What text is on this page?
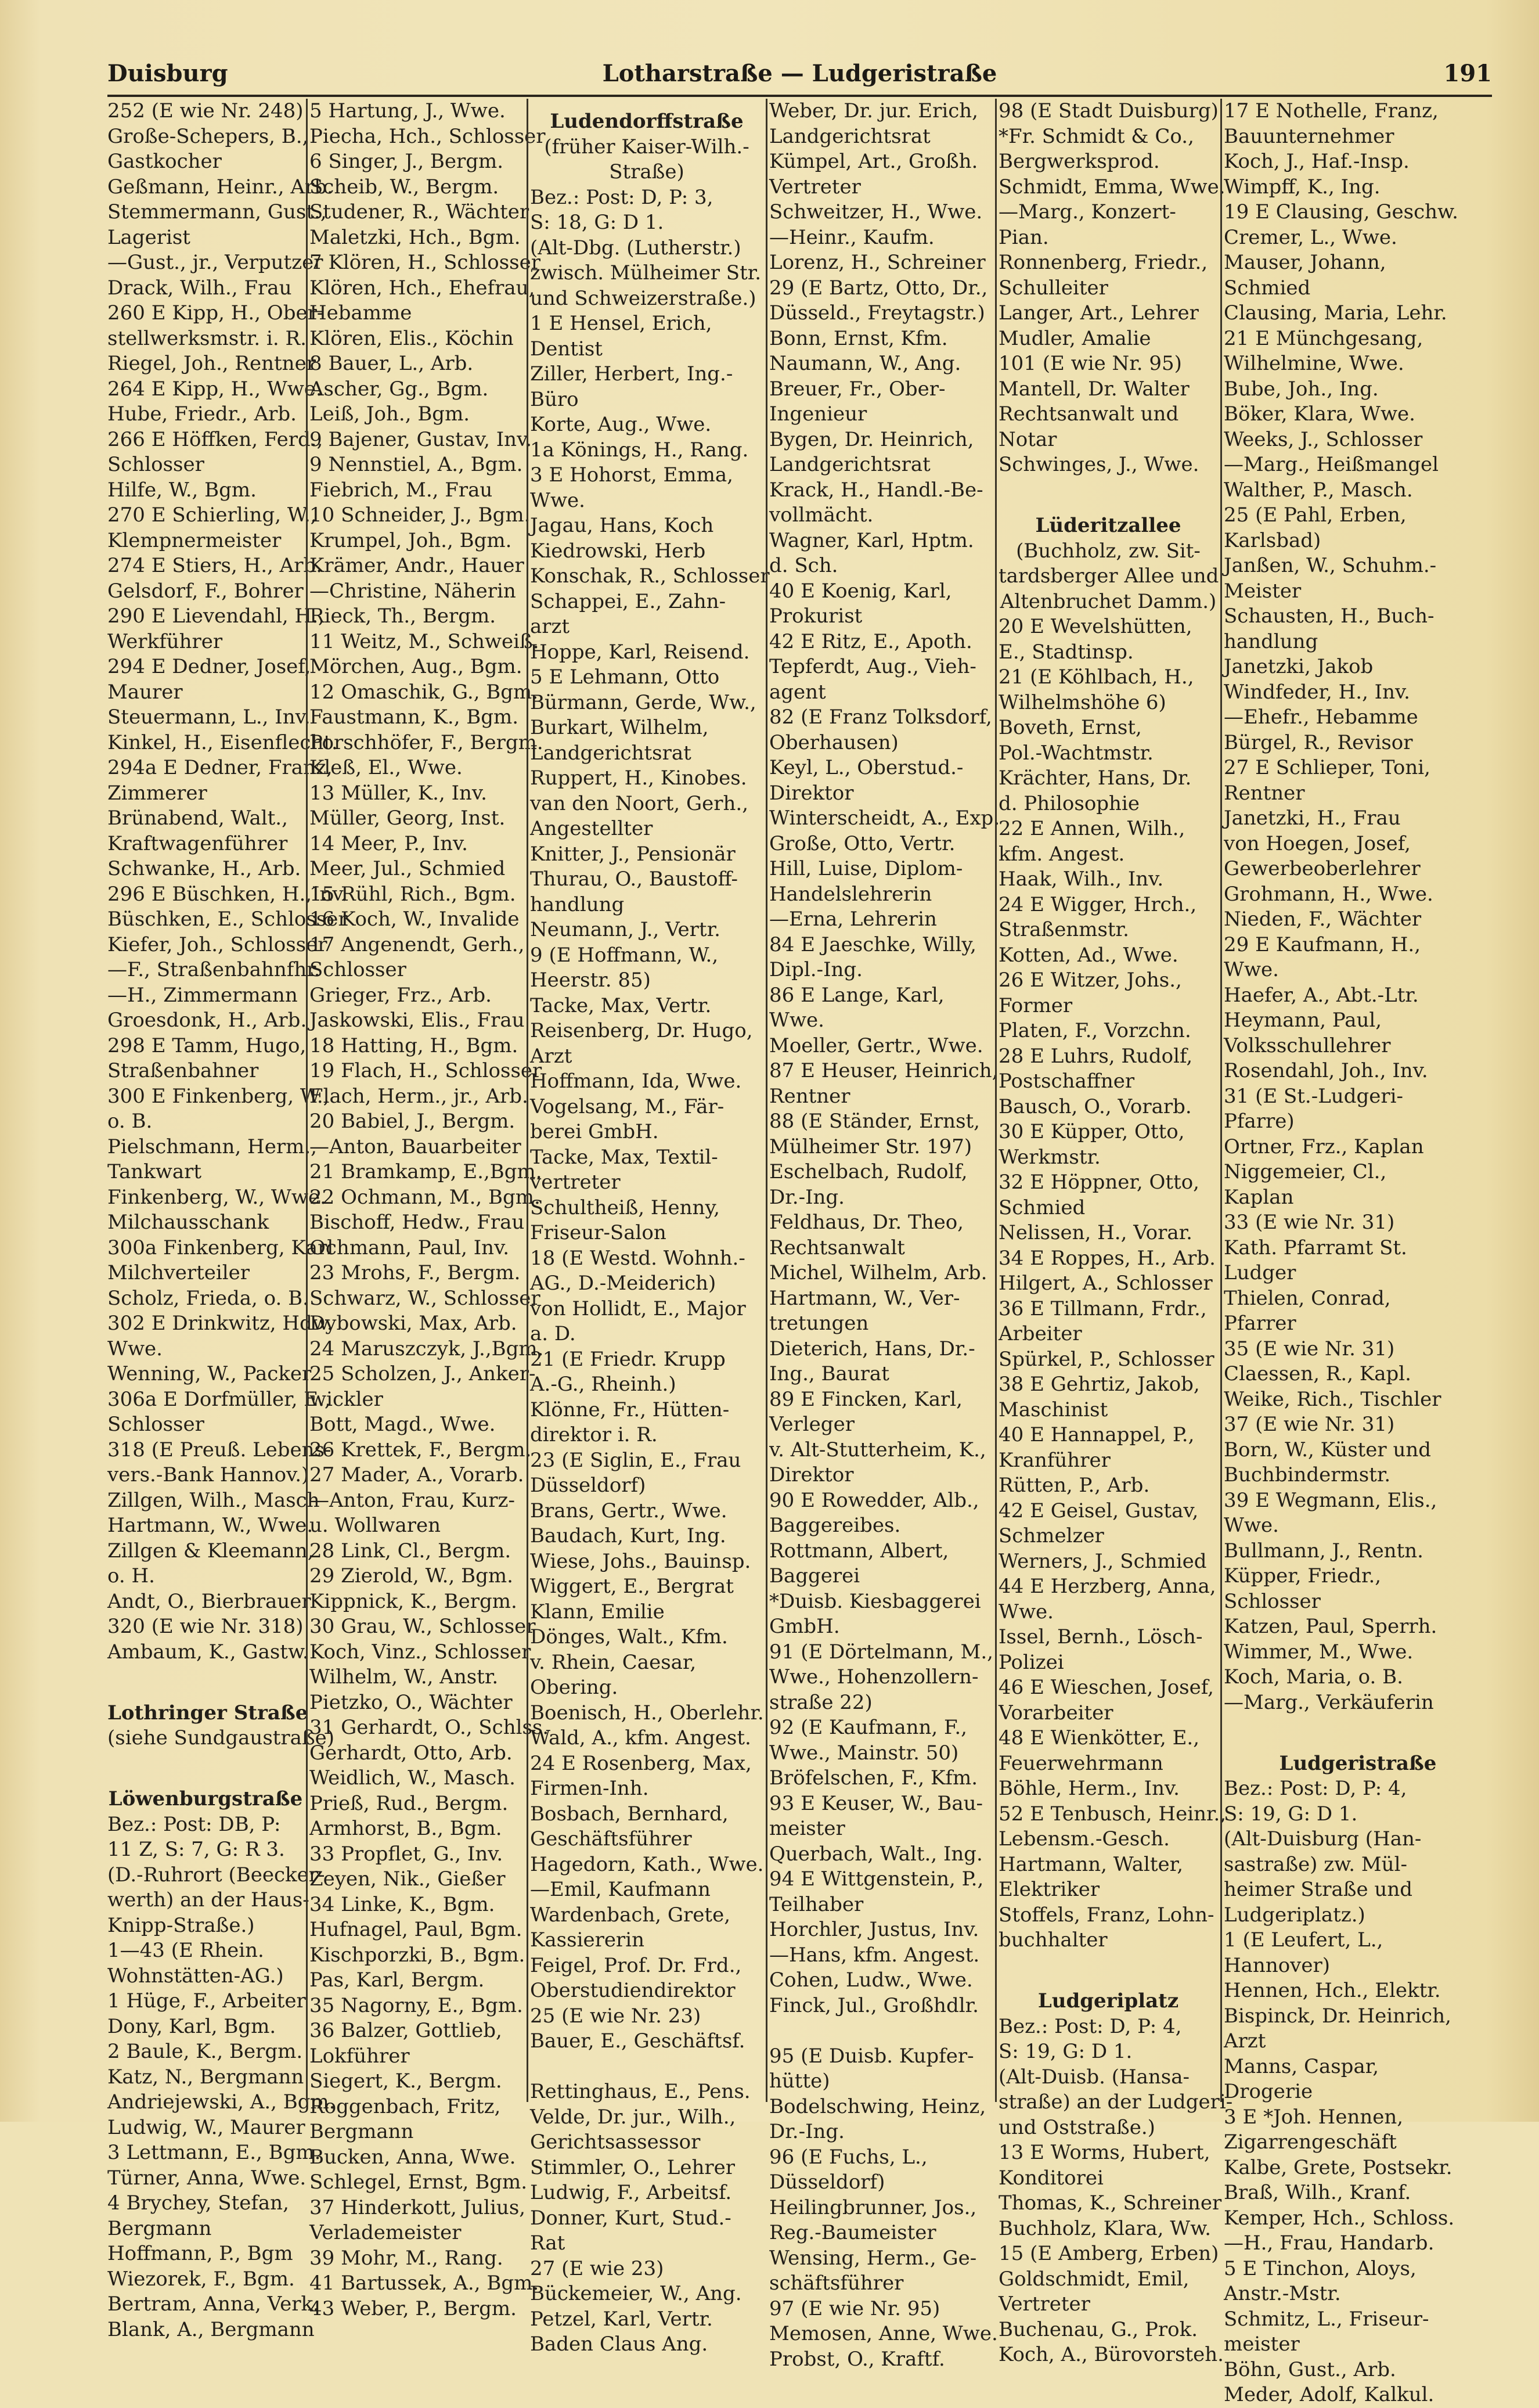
Duisburg	Lotharstraße — Ludgeristraße	191
252 (E wie Nr. 248)
Große-Schepers, B.,
Gastkocher
Geßmann, Heinr., Arb.
Stemmermann, Gust.,
Lagerist
—Gust., jr., Verputzer
Drack, Wilh., Frau
260 E Kipp, H., Ober-
stellwerksmstr. i. R.
Riegel, Joh., Rentner
264 E Kipp, H., Wwe.
Hube, Friedr., Arb.
266 E Höffken, Ferd.,
Schlosser
Hilfe, W., Bgm.
270 E Schierling, W.,
Klempnermeister
274 E Stiers, H., Arb.
Gelsdorf, F., Bohrer
290 E Lievendahl, H.,
Werkführer
294 E Dedner, Josef,
Maurer
Steuermann, L., Inv.
Kinkel, H., Eisenflecht.
294a E Dedner, Franz,
Zimmerer
Brünabend, Walt.,
Kraftwagenführer
Schwanke, H., Arb.
296 E Büschken, H.,Inv.
Büschken, E., Schlosser
Kiefer, Joh., Schlosser
—F., Straßenbahnfhr.
—H., Zimmermann
Groesdonk, H., Arb.
298 E Tamm, Hugo,
Straßenbahner
300 E Finkenberg, W.,
o. B.
Pielschmann, Herm.,
Tankwart
Finkenberg, W., Wwe.
Milchausschank
300a Finkenberg, Karl
Milchverteiler
Scholz, Frieda, o. B.
302 E Drinkwitz, Hdw.
Wwe.
Wenning, W., Packer
306a E Dorfmüller, E.,
Schlosser
318 (E Preuß. Lebens-
vers.-Bank Hannov.)
Zillgen, Wilh., Masch
Hartmann, W., Wwe.
Zillgen & Kleemann,
o. H.
Andt, O., Bierbrauer
320 (E wie Nr. 318)
Ambaum, K., Gastw.

Lothringer Straße
(siehe Sundgaustraße)

Löwenburgstraße
Bez.: Post: DB, P:
11 Z, S: 7, G: R 3.
(D.-Ruhrort (Beecker-
werth) an der Haus-
Knipp-Straße.)
1—43 (E Rhein.
Wohnstätten-AG.)
1 Hüge, F., Arbeiter
Dony, Karl, Bgm.
2 Baule, K., Bergm.
Katz, N., Bergmann
Andriejewski, A., Bgm.
Ludwig, W., Maurer
3 Lettmann, E., Bgm.
Türner, Anna, Wwe.
4 Brychey, Stefan,
Bergmann
Hoffmann, P., Bgm
Wiezorek, F., Bgm.
Bertram, Anna, Verk.
Blank, A., Bergmann
5 Hartung, J., Wwe.
Piecha, Hch., Schlosser
6 Singer, J., Bergm.
Scheib, W., Bergm.
Studener, R., Wächter
Maletzki, Hch., Bgm.
7 Klören, H., Schlosser
Klören, Hch., Ehefrau,
Hebamme
Klören, Elis., Köchin
8 Bauer, L., Arb.
Ascher, Gg., Bgm.
Leiß, Joh., Bgm.
9 Bajener, Gustav, Inv.
9 Nennstiel, A., Bgm.
Fiebrich, M., Frau
10 Schneider, J., Bgm.
Krumpel, Joh., Bgm.
Krämer, Andr., Hauer
—Christine, Näherin
Rieck, Th., Bergm.
11 Weitz, M., Schweiß.
Mörchen, Aug., Bgm.
12 Omaschik, G., Bgm.
Faustmann, K., Bgm.
Porschhöfer, F., Bergm.
Kleß, El., Wwe.
13 Müller, K., Inv.
Müller, Georg, Inst.
14 Meer, P., Inv.
Meer, Jul., Schmied
15 Rühl, Rich., Bgm.
16 Koch, W., Invalide
17 Angenendt, Gerh.,
Schlosser
Grieger, Frz., Arb.
Jaskowski, Elis., Frau
18 Hatting, H., Bgm.
19 Flach, H., Schlosser
Flach, Herm., jr., Arb.
20 Babiel, J., Bergm.
—Anton, Bauarbeiter
21 Bramkamp, E.,Bgm.
22 Ochmann, M., Bgm.
Bischoff, Hedw., Frau
Ochmann, Paul, Inv.
23 Mrohs, F., Bergm.
Schwarz, W., Schlosser
Dybowski, Max, Arb.
24 Maruszczyk, J.,Bgm.
25 Scholzen, J., Anker-
wickler
Bott, Magd., Wwe.
26 Krettek, F., Bergm.
27 Mader, A., Vorarb.
—Anton, Frau, Kurz-
u. Wollwaren
28 Link, Cl., Bergm.
29 Zierold, W., Bgm.
Kippnick, K., Bergm.
30 Grau, W., Schlosser
Koch, Vinz., Schlosser
Wilhelm, W., Anstr.
Pietzko, O., Wächter
31 Gerhardt, O., Schlss.
Gerhardt, Otto, Arb.
Weidlich, W., Masch.
Prieß, Rud., Bergm.
Armhorst, B., Bgm.
33 Propflet, G., Inv.
Zeyen, Nik., Gießer
34 Linke, K., Bgm.
Hufnagel, Paul, Bgm.
Kischporzki, B., Bgm.
Pas, Karl, Bergm.
35 Nagorny, E., Bgm.
36 Balzer, Gottlieb,
Lokführer
Siegert, K., Bergm.
Roggenbach, Fritz,
Bergmann
Bucken, Anna, Wwe.
Schlegel, Ernst, Bgm.
37 Hinderkott, Julius,
Verlademeister
39 Mohr, M., Rang.
41 Bartussek, A., Bgm.
43 Weber, P., Bergm.
Ludendorffstraße
(früher Kaiser-Wilh.-
Straße)
Bez.: Post: D, P: 3,
S: 18, G: D 1.
(Alt-Dbg. (Lutherstr.)
zwisch. Mülheimer Str.
und Schweizerstraße.)
1 E Hensel, Erich,
Dentist
Ziller, Herbert, Ing.-
Büro
Korte, Aug., Wwe.
1a Könings, H., Rang.
3 E Hohorst, Emma,
Wwe.
Jagau, Hans, Koch
Kiedrowski, Herb
Konschak, R., Schlosser
Schappei, E., Zahn-
arzt
Hoppe, Karl, Reisend.
5 E Lehmann, Otto
Bürmann, Gerde, Ww.,
Burkart, Wilhelm,
Landgerichtsrat
Ruppert, H., Kinobes.
van den Noort, Gerh.,
Angestellter
Knitter, J., Pensionär
Thurau, O., Baustoff-
handlung
Neumann, J., Vertr.
9 (E Hoffmann, W.,
Heerstr. 85)
Tacke, Max, Vertr.
Reisenberg, Dr. Hugo,
Arzt
Hoffmann, Ida, Wwe.
Vogelsang, M., Fär-
berei GmbH.
Tacke, Max, Textil-
vertreter
Schultheiß, Henny,
Friseur-Salon
18 (E Westd. Wohnh.-
AG., D.-Meiderich)
von Hollidt, E., Major
a. D.
21 (E Friedr. Krupp
A.-G., Rheinh.)
Klönne, Fr., Hütten-
direktor i. R.
23 (E Siglin, E., Frau
Düsseldorf)
Brans, Gertr., Wwe.
Baudach, Kurt, Ing.
Wiese, Johs., Bauinsp.
Wiggert, E., Bergrat
Klann, Emilie
Dönges, Walt., Kfm.
v. Rhein, Caesar,
Obering.
Boenisch, H., Oberlehr.
Wald, A., kfm. Angest.
24 E Rosenberg, Max,
Firmen-Inh.
Bosbach, Bernhard,
Geschäftsführer
Hagedorn, Kath., Wwe.
—Emil, Kaufmann
Wardenbach, Grete,
Kassiererin
Feigel, Prof. Dr. Frd.,
Oberstudiendirektor
25 (E wie Nr. 23)
Bauer, E., Geschäftsf.

Rettinghaus, E., Pens.
Velde, Dr. jur., Wilh.,
Gerichtsassessor
Stimmler, O., Lehrer
Ludwig, F., Arbeitsf.
Donner, Kurt, Stud.-
Rat
27 (E wie 23)
Bückemeier, W., Ang.
Petzel, Karl, Vertr.
Baden Claus Ang.
Weber, Dr. jur. Erich,
Landgerichtsrat
Kümpel, Art., Großh.
Vertreter
Schweitzer, H., Wwe.
—Heinr., Kaufm.
Lorenz, H., Schreiner
29 (E Bartz, Otto, Dr.,
Düsseld., Freytagstr.)
Bonn, Ernst, Kfm.
Naumann, W., Ang.
Breuer, Fr., Ober-
Ingenieur
Bygen, Dr. Heinrich,
Landgerichtsrat
Krack, H., Handl.-Be-
vollmächt.
Wagner, Karl, Hptm.
d. Sch.
40 E Koenig, Karl,
Prokurist
42 E Ritz, E., Apoth.
Tepferdt, Aug., Vieh-
agent
82 (E Franz Tolksdorf,
Oberhausen)
Keyl, L., Oberstud.-
Direktor
Winterscheidt, A., Exp.
Große, Otto, Vertr.
Hill, Luise, Diplom-
Handelslehrerin
—Erna, Lehrerin
84 E Jaeschke, Willy,
Dipl.-Ing.
86 E Lange, Karl,
Wwe.
Moeller, Gertr., Wwe.
87 E Heuser, Heinrich,
Rentner
88 (E Ständer, Ernst,
Mülheimer Str. 197)
Eschelbach, Rudolf,
Dr.-Ing.
Feldhaus, Dr. Theo,
Rechtsanwalt
Michel, Wilhelm, Arb.
Hartmann, W., Ver-
tretungen
Dieterich, Hans, Dr.-
Ing., Baurat
89 E Fincken, Karl,
Verleger
v. Alt-Stutterheim, K.,
Direktor
90 E Rowedder, Alb.,
Baggereibes.
Rottmann, Albert,
Baggerei
*Duisb. Kiesbaggerei
GmbH.
91 (E Dörtelmann, M.,
Wwe., Hohenzollern-
straße 22)
92 (E Kaufmann, F.,
Wwe., Mainstr. 50)
Bröfelschen, F., Kfm.
93 E Keuser, W., Bau-
meister
Querbach, Walt., Ing.
94 E Wittgenstein, P.,
Teilhaber
Horchler, Justus, Inv.
—Hans, kfm. Angest.
Cohen, Ludw., Wwe.
Finck, Jul., Großhdlr.

95 (E Duisb. Kupfer-
hütte)
Bodelschwing, Heinz,
Dr.-Ing.
96 (E Fuchs, L.,
Düsseldorf)
Heilingbrunner, Jos.,
Reg.-Baumeister
Wensing, Herm., Ge-
schäftsführer
97 (E wie Nr. 95)
Memosen, Anne, Wwe.
Probst, O., Kraftf.
98 (E Stadt Duisburg)
*Fr. Schmidt & Co.,
Bergwerksprod.
Schmidt, Emma, Wwe.
—Marg., Konzert-
Pian.
Ronnenberg, Friedr.,
Schulleiter
Langer, Art., Lehrer
Mudler, Amalie
101 (E wie Nr. 95)
Mantell, Dr. Walter
Rechtsanwalt und
Notar
Schwinges, J., Wwe.

Lüderitzallee
(Buchholz, zw. Sit-
tardsberger Allee und
Altenbruchet Damm.)
20 E Wevelshütten,
E., Stadtinsp.
21 (E Köhlbach, H.,
Wilhelmshöhe 6)
Boveth, Ernst,
Pol.-Wachtmstr.
Krächter, Hans, Dr.
d. Philosophie
22 E Annen, Wilh.,
kfm. Angest.
Haak, Wilh., Inv.
24 E Wigger, Hrch.,
Straßenmstr.
Kotten, Ad., Wwe.
26 E Witzer, Johs.,
Former
Platen, F., Vorzchn.
28 E Luhrs, Rudolf,
Postschaffner
Bausch, O., Vorarb.
30 E Küpper, Otto,
Werkmstr.
32 E Höppner, Otto,
Schmied
Nelissen, H., Vorar.
34 E Roppes, H., Arb.
Hilgert, A., Schlosser
36 E Tillmann, Frdr.,
Arbeiter
Spürkel, P., Schlosser
38 E Gehrtiz, Jakob,
Maschinist
40 E Hannappel, P.,
Kranführer
Rütten, P., Arb.
42 E Geisel, Gustav,
Schmelzer
Werners, J., Schmied
44 E Herzberg, Anna,
Wwe.
Issel, Bernh., Lösch-
Polizei
46 E Wieschen, Josef,
Vorarbeiter
48 E Wienkötter, E.,
Feuerwehrmann
Böhle, Herm., Inv.
52 E Tenbusch, Heinr.,
Lebensm.-Gesch.
Hartmann, Walter,
Elektriker
Stoffels, Franz, Lohn-
buchhalter

Ludgeriplatz
Bez.: Post: D, P: 4,
S: 19, G: D 1.
(Alt-Duisb. (Hansa-
straße) an der Ludgeri-
und Oststraße.)
13 E Worms, Hubert,
Konditorei
Thomas, K., Schreiner
Buchholz, Klara, Ww.
15 (E Amberg, Erben)
Goldschmidt, Emil,
Vertreter
Buchenau, G., Prok.
Koch, A., Bürovorsteh.
17 E Nothelle, Franz,
Bauunternehmer
Koch, J., Haf.-Insp.
Wimpff, K., Ing.
19 E Clausing, Geschw.
Cremer, L., Wwe.
Mauser, Johann,
Schmied
Clausing, Maria, Lehr.
21 E Münchgesang,
Wilhelmine, Wwe.
Bube, Joh., Ing.
Böker, Klara, Wwe.
Weeks, J., Schlosser
—Marg., Heißmangel
Walther, P., Masch.
25 (E Pahl, Erben,
Karlsbad)
Janßen, W., Schuhm.-
Meister
Schausten, H., Buch-
handlung
Janetzki, Jakob
Windfeder, H., Inv.
—Ehefr., Hebamme
Bürgel, R., Revisor
27 E Schlieper, Toni,
Rentner
Janetzki, H., Frau
von Hoegen, Josef,
Gewerbeoberlehrer
Grohmann, H., Wwe.
Nieden, F., Wächter
29 E Kaufmann, H.,
Wwe.
Haefer, A., Abt.-Ltr.
Heymann, Paul,
Volksschullehrer
Rosendahl, Joh., Inv.
31 (E St.-Ludgeri-
Pfarre)
Ortner, Frz., Kaplan
Niggemeier, Cl.,
Kaplan
33 (E wie Nr. 31)
Kath. Pfarramt St.
Ludger
Thielen, Conrad,
Pfarrer
35 (E wie Nr. 31)
Claessen, R., Kapl.
Weike, Rich., Tischler
37 (E wie Nr. 31)
Born, W., Küster und
Buchbindermstr.
39 E Wegmann, Elis.,
Wwe.
Bullmann, J., Rentn.
Küpper, Friedr.,
Schlosser
Katzen, Paul, Sperrh.
Wimmer, M., Wwe.
Koch, Maria, o. B.
—Marg., Verkäuferin

Ludgeristraße
Bez.: Post: D, P: 4,
S: 19, G: D 1.
(Alt-Duisburg (Han-
sastraße) zw. Mül-
heimer Straße und
Ludgeriplatz.)
1 (E Leufert, L.,
Hannover)
Hennen, Hch., Elektr.
Bispinck, Dr. Heinrich,
Arzt
Manns, Caspar,
Drogerie
3 E *Joh. Hennen,
Zigarrengeschäft
Kalbe, Grete, Postsekr.
Braß, Wilh., Kranf.
Kemper, Hch., Schloss.
—H., Frau, Handarb.
5 E Tinchon, Aloys,
Anstr.-Mstr.
Schmitz, L., Friseur-
meister
Böhn, Gust., Arb.
Meder, Adolf, Kalkul.
